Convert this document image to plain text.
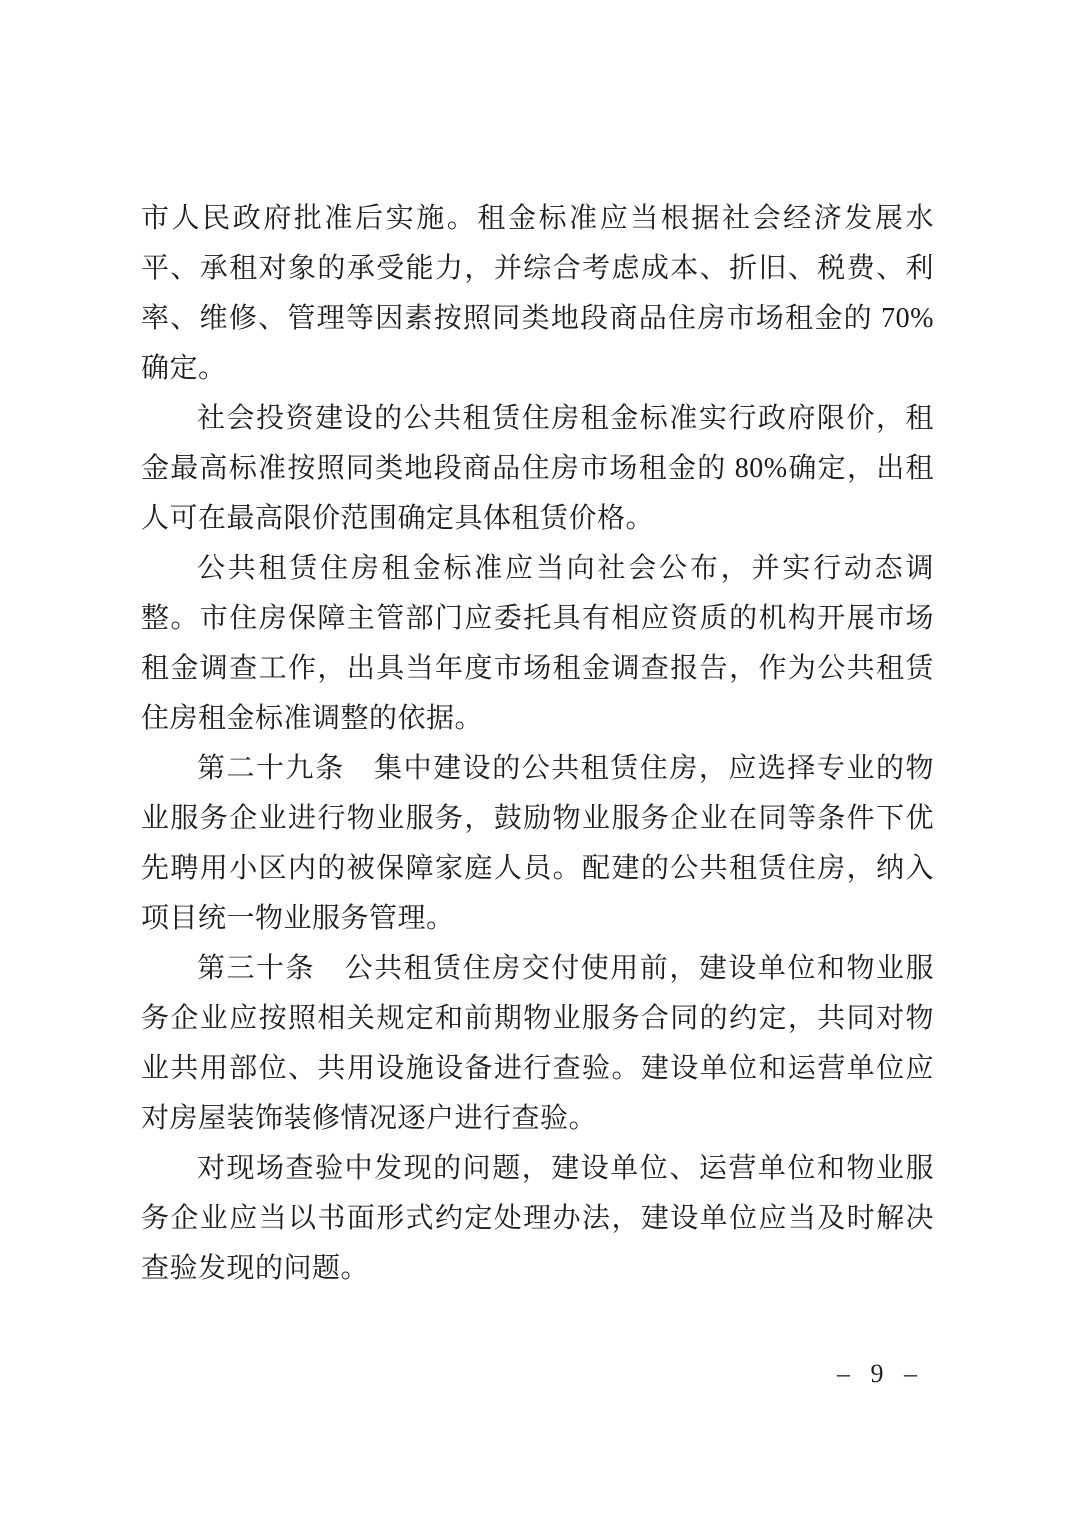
市人民政府批准后实施。租金标准应当根据社会经济发展水平、承租对象的承受能力，并综合考虑成本、折旧、税费、利率、维修、管理等因素按照同类地段商品住房市场租金的 70%确定。

社会投资建设的公共租赁住房租金标准实行政府限价，租金最高标准按照同类地段商品住房市场租金的 80%确定，出租人可在最高限价范围确定具体租赁价格。

公共租赁住房租金标准应当向社会公布，并实行动态调整。市住房保障主管部门应委托具有相应资质的机构开展市场租金调查工作，出具当年度市场租金调查报告，作为公共租赁住房租金标准调整的依据。

第二十九条　集中建设的公共租赁住房，应选择专业的物业服务企业进行物业服务，鼓励物业服务企业在同等条件下优先聘用小区内的被保障家庭人员。配建的公共租赁住房，纳入项目统一物业服务管理。

第三十条　公共租赁住房交付使用前，建设单位和物业服务企业应按照相关规定和前期物业服务合同的约定，共同对物业共用部位、共用设施设备进行查验。建设单位和运营单位应对房屋装饰装修情况逐户进行查验。

对现场查验中发现的问题，建设单位、运营单位和物业服务企业应当以书面形式约定处理办法，建设单位应当及时解决查验发现的问题。

– 9 –
